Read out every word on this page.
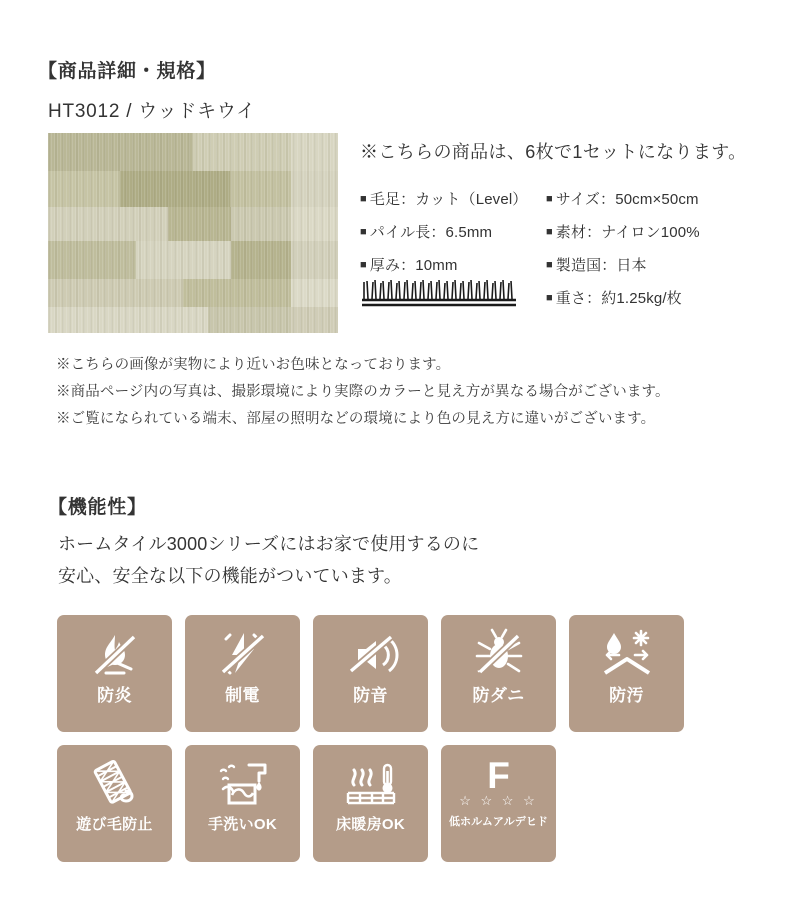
【商品詳細・規格】
HT3012 / ウッドキウイ
※こちらの商品は、6枚で1セットになります。
■ 毛足：カット（Level）
■ パイル長：6.5mm
■ 厚み：10mm
■ サイズ：50cm×50cm
■ 素材：ナイロン100%
■ 製造国：日本
■ 重さ：約1.25kg/枚
※こちらの画像が実物により近いお色味となっております。
※商品ページ内の写真は、撮影環境により実際のカラーと見え方が異なる場合がございます。
※ご覧になられている端末、部屋の照明などの環境により色の見え方に違いがございます。
【機能性】
ホームタイル3000シリーズにはお家で使用するのに
安心、安全な以下の機能がついています。
防炎	制電	防音	防ダニ	防汚
遊び毛防止	手洗いOK	床暖房OK
F
☆ ☆ ☆ ☆
低ホルムアルデヒド
